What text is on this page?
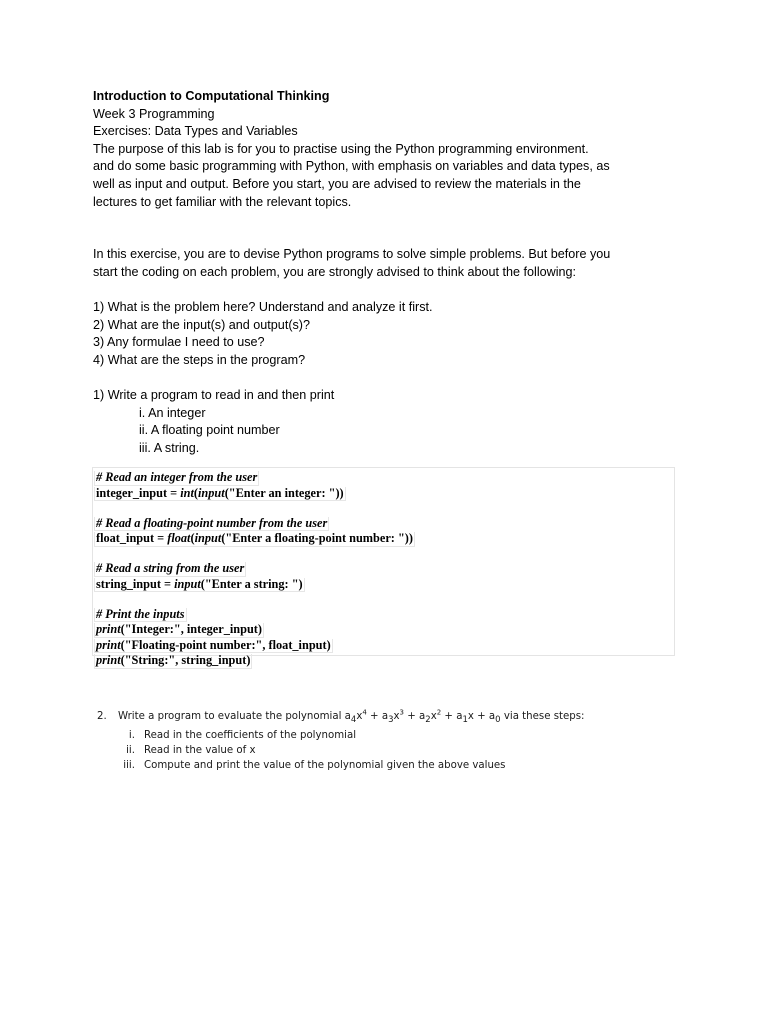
Introduction to Computational Thinking

Week 3 Programming

Exercises: Data Types and Variables

The purpose of this lab is for you to practise using the Python programming environment.

and do some basic programming with Python, with emphasis on variables and data types, as

well as input and output. Before you start, you are advised to review the materials in the

lectures to get familiar with the relevant topics.

In this exercise, you are to devise Python programs to solve simple problems. But before you

start the coding on each problem, you are strongly advised to think about the following:

1) What is the problem here? Understand and analyze it first.

2) What are the input(s) and output(s)?

3) Any formulae I need to use?

4) What are the steps in the program?

1) Write a program to read in and then print

i. An integer

ii. A floating point number

iii. A string.

# Read an integer from the user

integer_input = int(input("Enter an integer: "))

# Read a floating-point number from the user

float_input = float(input("Enter a floating-point number: "))

# Read a string from the user

string_input = input("Enter a string: ")

# Print the inputs

print("Integer:", integer_input)

print("Floating-point number:", float_input)

print("String:", string_input)

2. Write a program to evaluate the polynomial $a_4x^4 + a_3x^3 + a_2x^2 + a_1x + a_0$ via these steps:
i. Read in the coefficients of the polynomial
ii. Read in the value of x
iii. Compute and print the value of the polynomial given the above values
